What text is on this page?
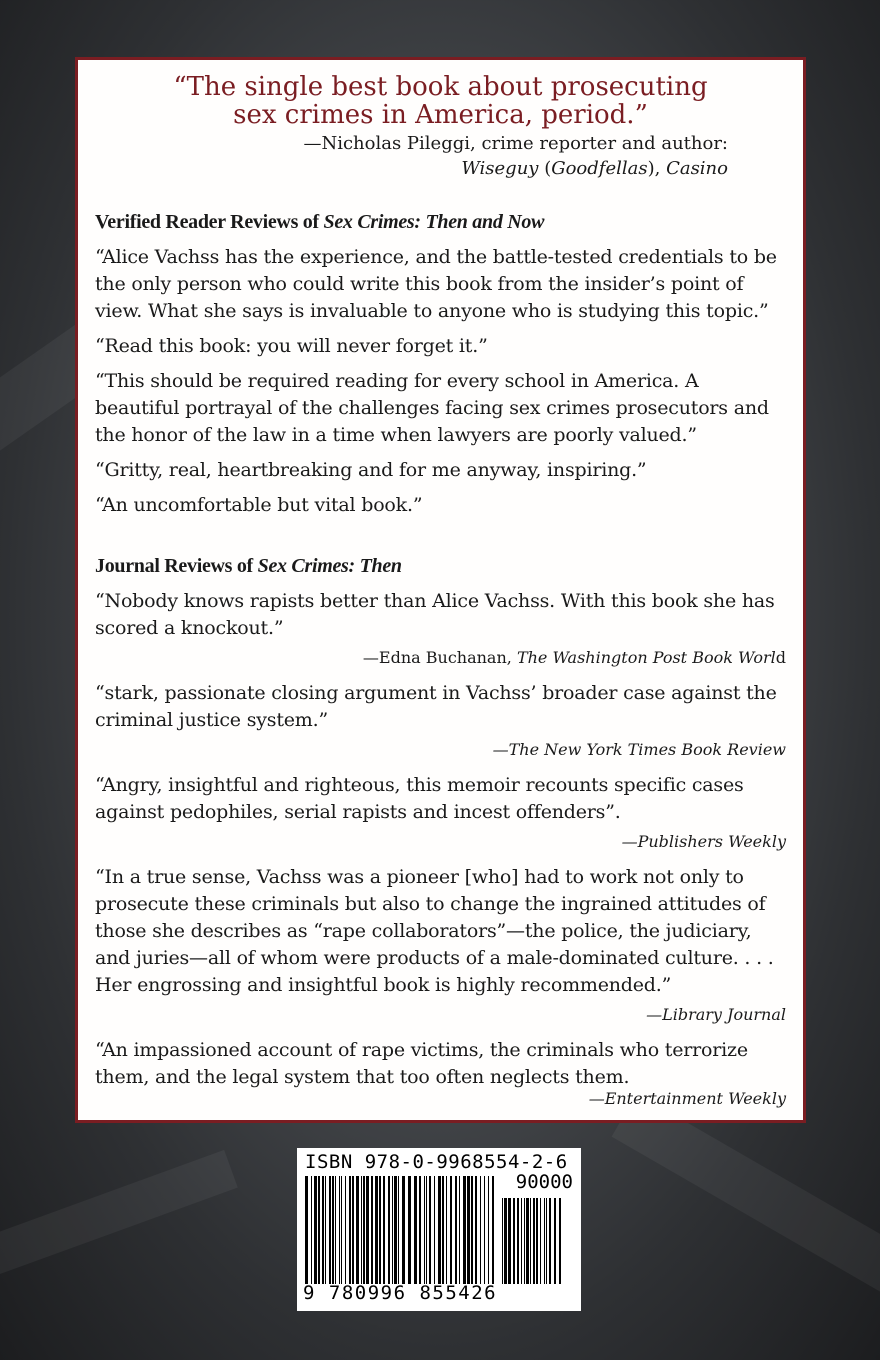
“The single best book about prosecuting
sex crimes in America, period.”

—Nicholas Pileggi, crime reporter and author:
Wiseguy (Goodfellas), Casino

Verified Reader Reviews of Sex Crimes: Then and Now

“Alice Vachss has the experience, and the battle-tested credentials to be the only person who could write this book from the insider’s point of view. What she says is invaluable to anyone who is studying this topic.”

“Read this book: you will never forget it.”

“This should be required reading for every school in America. A beautiful portrayal of the challenges facing sex crimes prosecutors and the honor of the law in a time when lawyers are poorly valued.”

“Gritty, real, heartbreaking and for me anyway, inspiring.”

“An uncomfortable but vital book.”

Journal Reviews of Sex Crimes: Then

“Nobody knows rapists better than Alice Vachss. With this book she has scored a knockout.”

—Edna Buchanan, The Washington Post Book World

“stark, passionate closing argument in Vachss’ broader case against the criminal justice system.”

—The New York Times Book Review

“Angry, insightful and righteous, this memoir recounts specific cases against pedophiles, serial rapists and incest offenders”.

—Publishers Weekly

“In a true sense, Vachss was a pioneer [who] had to work not only to prosecute these criminals but also to change the ingrained attitudes of those she describes as “rape collaborators”—the police, the judiciary, and juries—all of whom were products of a male-dominated culture. . . . Her engrossing and insightful book is highly recommended.”

—Library Journal

“An impassioned account of rape victims, the criminals who terrorize them, and the legal system that too often neglects them.

—Entertainment Weekly

ISBN 978-0-9968554-2-6
90000
9 780996 855426
